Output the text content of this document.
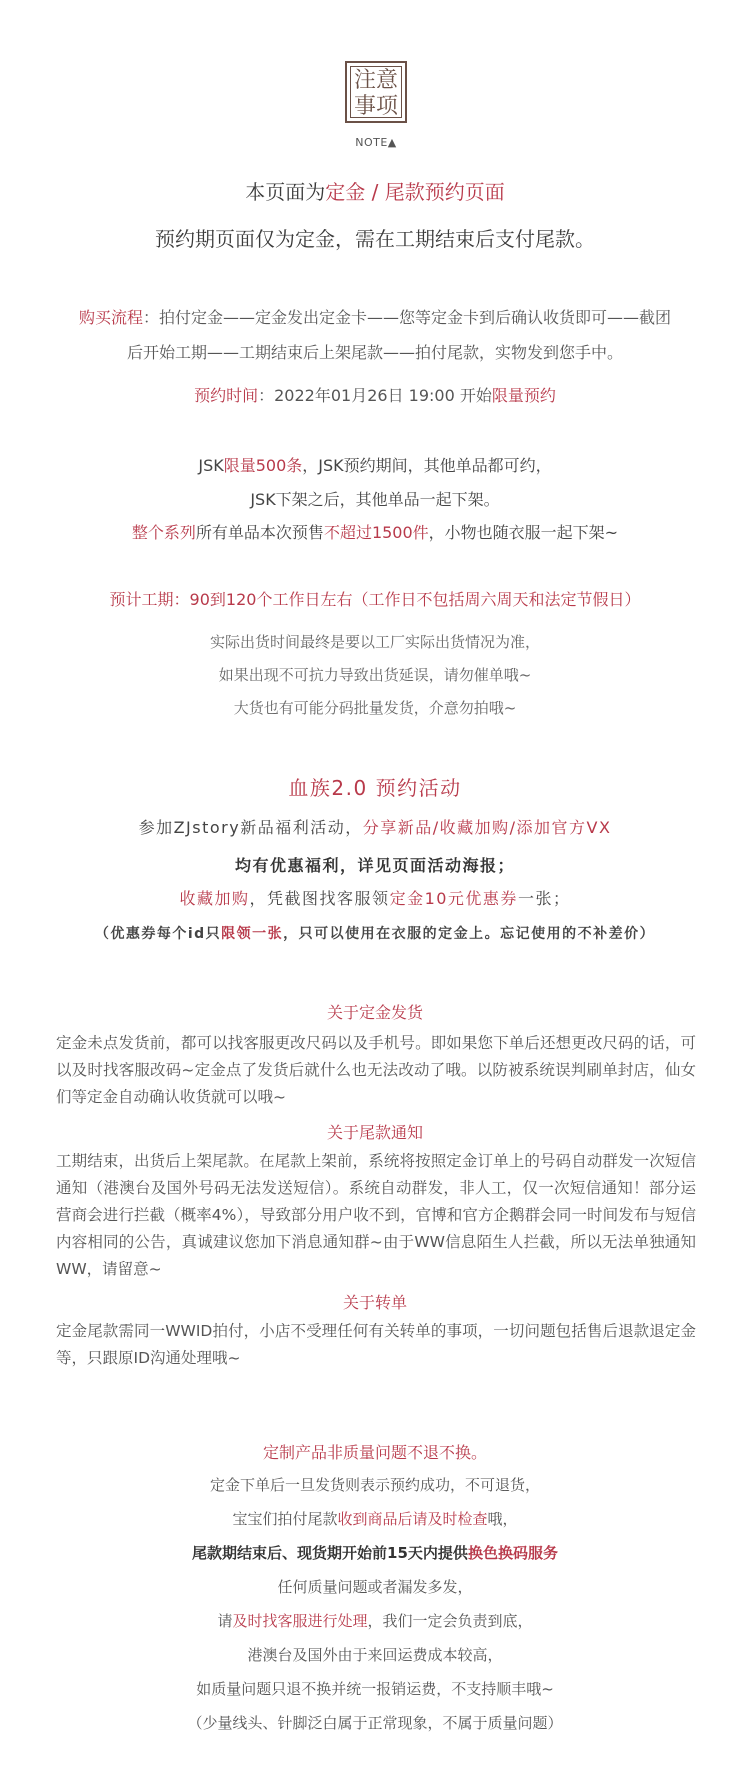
注意
事项
NOTE▲
本页面为定金 / 尾款预约页面
预约期页面仅为定金，需在工期结束后支付尾款。
购买流程：拍付定金——定金发出定金卡——您等定金卡到后确认收货即可——截团
后开始工期——工期结束后上架尾款——拍付尾款，实物发到您手中。
预约时间：2022年01月26日 19:00 开始限量预约
JSK限量500条，JSK预约期间，其他单品都可约，
JSK下架之后，其他单品一起下架。
整个系列所有单品本次预售不超过1500件，小物也随衣服一起下架~
预计工期：90到120个工作日左右（工作日不包括周六周天和法定节假日）
实际出货时间最终是要以工厂实际出货情况为准，
如果出现不可抗力导致出货延误，请勿催单哦~
大货也有可能分码批量发货，介意勿拍哦~
血族2.0 预约活动
参加ZJstory新品福利活动，分享新品/收藏加购/添加官方VX
均有优惠福利，详见页面活动海报；
收藏加购，凭截图找客服领定金10元优惠券一张；
（优惠券每个id只限领一张，只可以使用在衣服的定金上。忘记使用的不补差价）
关于定金发货
定金未点发货前，都可以找客服更改尺码以及手机号。即如果您下单后还想更改尺码的话，可以及时找客服改码~定金点了发货后就什么也无法改动了哦。以防被系统误判刷单封店，仙女们等定金自动确认收货就可以哦~
关于尾款通知
工期结束，出货后上架尾款。在尾款上架前，系统将按照定金订单上的号码自动群发一次短信通知（港澳台及国外号码无法发送短信）。系统自动群发，非人工，仅一次短信通知！部分运营商会进行拦截（概率4%），导致部分用户收不到，官博和官方企鹅群会同一时间发布与短信内容相同的公告，真诚建议您加下消息通知群~由于WW信息陌生人拦截，所以无法单独通知WW，请留意~
关于转单
定金尾款需同一WWID拍付，小店不受理任何有关转单的事项，一切问题包括售后退款退定金等，只跟原ID沟通处理哦~
定制产品非质量问题不退不换。
定金下单后一旦发货则表示预约成功，不可退货，
宝宝们拍付尾款收到商品后请及时检查哦，
尾款期结束后、现货期开始前15天内提供换色换码服务
任何质量问题或者漏发多发，
请及时找客服进行处理，我们一定会负责到底，
港澳台及国外由于来回运费成本较高，
如质量问题只退不换并统一报销运费，不支持顺丰哦~
（少量线头、针脚泛白属于正常现象，不属于质量问题）
